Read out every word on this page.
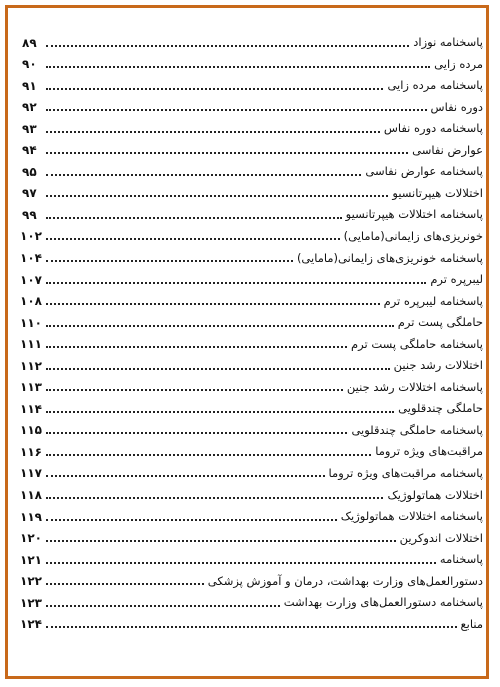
پاسخنامه نوزاد
۸۹
مرده زایی
۹۰
پاسخنامه مرده زایی
۹۱
دوره نفاس
۹۲
پاسخنامه دوره نفاس
۹۳
عوارض نفاسی
۹۴
پاسخنامه عوارض نفاسی
۹۵
اختلالات هیپرتانسیو
۹۷
پاسخنامه اختلالات هیپرتانسیو
۹۹
خونریزی‌های زایمانی(مامایی)
۱۰۲
پاسخنامه خونریزی‌های زایمانی(مامایی)
۱۰۴
لیبرپره ترم
۱۰۷
پاسخنامه لیبرپره ترم
۱۰۸
حاملگی پست ترم
۱۱۰
پاسخنامه حاملگی پست ترم
۱۱۱
اختلالات رشد جنین
۱۱۲
پاسخنامه اختلالات رشد جنین
۱۱۳
حاملگی چندقلویی
۱۱۴
پاسخنامه حاملگی چندقلویی
۱۱۵
مراقبت‌های ویژه تروما
۱۱۶
پاسخنامه مراقبت‌های ویژه تروما
۱۱۷
اختلالات هماتولوژیک
۱۱۸
پاسخنامه اختلالات هماتولوژیک
۱۱۹
اختلالات اندوکرین
۱۲۰
پاسخنامه
۱۲۱
دستورالعمل‌های وزارت بهداشت، درمان و آموزش پزشکی
۱۲۲
پاسخنامه دستورالعمل‌های وزارت بهداشت
۱۲۳
منابع
۱۲۴
